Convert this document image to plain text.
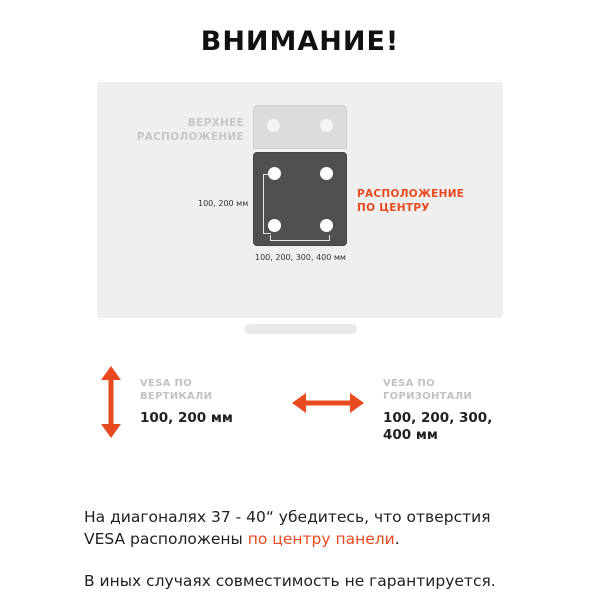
ВНИМАНИЕ!
ВЕРХНЕЕ
РАСПОЛОЖЕНИЕ
100, 200 мм
100, 200, 300, 400 мм
РАСПОЛОЖЕНИЕ
ПО ЦЕНТРУ
VESA ПО
ВЕРТИКАЛИ
100, 200 мм
VESA ПО
ГОРИЗОНТАЛИ
100, 200, 300,
400 мм
На диагоналях 37 - 40“ убедитесь, что отверстия
VESA расположены по центру панели.
В иных случаях совместимость не гарантируется.
